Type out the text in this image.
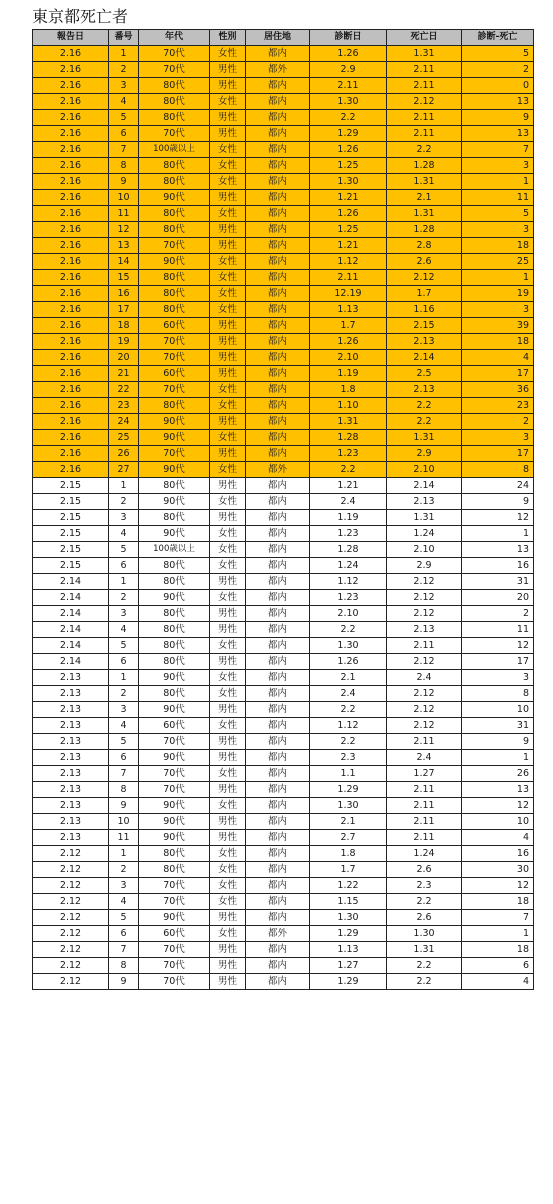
東京都死亡者
報告日	番号	年代	性別	居住地	診断日	死亡日	診断-死亡
2.16	1	70代	女性	都内	1.26	1.31	5
2.16	2	70代	男性	都外	2.9	2.11	2
2.16	3	80代	男性	都内	2.11	2.11	0
2.16	4	80代	女性	都内	1.30	2.12	13
2.16	5	80代	男性	都内	2.2	2.11	9
2.16	6	70代	男性	都内	1.29	2.11	13
2.16	7	100歳以上	女性	都内	1.26	2.2	7
2.16	8	80代	女性	都内	1.25	1.28	3
2.16	9	80代	女性	都内	1.30	1.31	1
2.16	10	90代	男性	都内	1.21	2.1	11
2.16	11	80代	女性	都内	1.26	1.31	5
2.16	12	80代	男性	都内	1.25	1.28	3
2.16	13	70代	男性	都内	1.21	2.8	18
2.16	14	90代	女性	都内	1.12	2.6	25
2.16	15	80代	女性	都内	2.11	2.12	1
2.16	16	80代	女性	都内	12.19	1.7	19
2.16	17	80代	女性	都内	1.13	1.16	3
2.16	18	60代	男性	都内	1.7	2.15	39
2.16	19	70代	男性	都内	1.26	2.13	18
2.16	20	70代	男性	都内	2.10	2.14	4
2.16	21	60代	男性	都内	1.19	2.5	17
2.16	22	70代	女性	都内	1.8	2.13	36
2.16	23	80代	女性	都内	1.10	2.2	23
2.16	24	90代	男性	都内	1.31	2.2	2
2.16	25	90代	女性	都内	1.28	1.31	3
2.16	26	70代	男性	都内	1.23	2.9	17
2.16	27	90代	女性	都外	2.2	2.10	8
2.15	1	80代	男性	都内	1.21	2.14	24
2.15	2	90代	女性	都内	2.4	2.13	9
2.15	3	80代	男性	都内	1.19	1.31	12
2.15	4	90代	女性	都内	1.23	1.24	1
2.15	5	100歳以上	女性	都内	1.28	2.10	13
2.15	6	80代	女性	都内	1.24	2.9	16
2.14	1	80代	男性	都内	1.12	2.12	31
2.14	2	90代	女性	都内	1.23	2.12	20
2.14	3	80代	男性	都内	2.10	2.12	2
2.14	4	80代	男性	都内	2.2	2.13	11
2.14	5	80代	女性	都内	1.30	2.11	12
2.14	6	80代	男性	都内	1.26	2.12	17
2.13	1	90代	女性	都内	2.1	2.4	3
2.13	2	80代	女性	都内	2.4	2.12	8
2.13	3	90代	男性	都内	2.2	2.12	10
2.13	4	60代	女性	都内	1.12	2.12	31
2.13	5	70代	男性	都内	2.2	2.11	9
2.13	6	90代	男性	都内	2.3	2.4	1
2.13	7	70代	女性	都内	1.1	1.27	26
2.13	8	70代	男性	都内	1.29	2.11	13
2.13	9	90代	女性	都内	1.30	2.11	12
2.13	10	90代	男性	都内	2.1	2.11	10
2.13	11	90代	男性	都内	2.7	2.11	4
2.12	1	80代	女性	都内	1.8	1.24	16
2.12	2	80代	女性	都内	1.7	2.6	30
2.12	3	70代	女性	都内	1.22	2.3	12
2.12	4	70代	女性	都内	1.15	2.2	18
2.12	5	90代	男性	都内	1.30	2.6	7
2.12	6	60代	女性	都外	1.29	1.30	1
2.12	7	70代	男性	都内	1.13	1.31	18
2.12	8	70代	男性	都内	1.27	2.2	6
2.12	9	70代	男性	都内	1.29	2.2	4
